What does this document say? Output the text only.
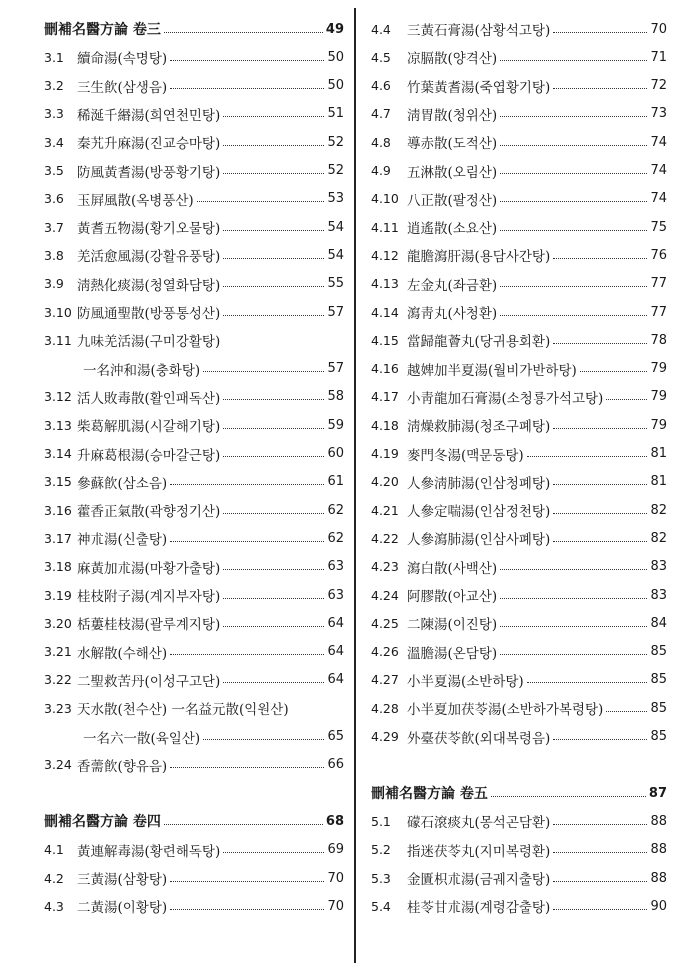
刪補名醫方論 卷三	49
3.1 續命湯(속명탕)	50
3.2 三生飮(삼생음)	50
3.3 稀涎千緡湯(희연천민탕)	51
3.4 秦艽升麻湯(진교승마탕)	52
3.5 防風黃耆湯(방풍황기탕)	52
3.6 玉屛風散(옥병풍산)	53
3.7 黃耆五物湯(황기오물탕)	54
3.8 羌活愈風湯(강활유풍탕)	54
3.9 淸熱化痰湯(청열화담탕)	55
3.10 防風通聖散(방풍통성산)	57
3.11 九味羌活湯(구미강활탕)
一名沖和湯(충화탕)	57
3.12 活人敗毒散(활인패독산)	58
3.13 柴葛解肌湯(시갈해기탕)	59
3.14 升麻葛根湯(승마갈근탕)	60
3.15 參蘇飮(삼소음)	61
3.16 藿香正氣散(곽향정기산)	62
3.17 神朮湯(신출탕)	62
3.18 麻黃加朮湯(마황가출탕)	63
3.19 桂枝附子湯(계지부자탕)	63
3.20 栝蔞桂枝湯(괄루계지탕)	64
3.21 水解散(수해산)	64
3.22 二聖救苦丹(이성구고단)	64
3.23 天水散(천수산) 一名益元散(익원산)
一名六一散(육일산)	65
3.24 香薷飮(향유음)	66
刪補名醫方論 卷四	68
4.1 黃連解毒湯(황련해독탕)	69
4.2 三黃湯(삼황탕)	70
4.3 二黃湯(이황탕)	70
4.4	三黃石膏湯(삼황석고탕)	70
4.5	凉膈散(양격산)	71
4.6	竹葉黃耆湯(죽엽황기탕)	72
4.7	淸胃散(청위산)	73
4.8	導赤散(도적산)	74
4.9	五淋散(오림산)	74
4.10 八正散(팔정산)	74
4.11 逍遙散(소요산)	75
4.12 龍膽瀉肝湯(용담사간탕)	76
4.13 左金丸(좌금환)	77
4.14 瀉靑丸(사청환)	77
4.15 當歸龍薈丸(당귀용회환)	78
4.16 越婢加半夏湯(월비가반하탕)	79
4.17 小靑龍加石膏湯(소청룡가석고탕)	79
4.18 淸燥救肺湯(청조구폐탕)	79
4.19 麥門冬湯(맥문동탕)	81
4.20 人參淸肺湯(인삼청폐탕)	81
4.21 人參定喘湯(인삼정천탕)	82
4.22 人參瀉肺湯(인삼사폐탕)	82
4.23 瀉白散(사백산)	83
4.24 阿膠散(아교산)	83
4.25 二陳湯(이진탕)	84
4.26 溫膽湯(온담탕)	85
4.27 小半夏湯(소반하탕)	85
4.28 小半夏加茯苓湯(소반하가복령탕)	85
4.29 外臺茯苓飮(외대복령음)	85
刪補名醫方論 卷五	87
5.1	礞石滾痰丸(몽석곤담환)	88
5.2	指迷茯苓丸(지미복령환)	88
5.3	金匱枳朮湯(금궤지출탕)	88
5.4	桂苓甘朮湯(계령감출탕)	90
